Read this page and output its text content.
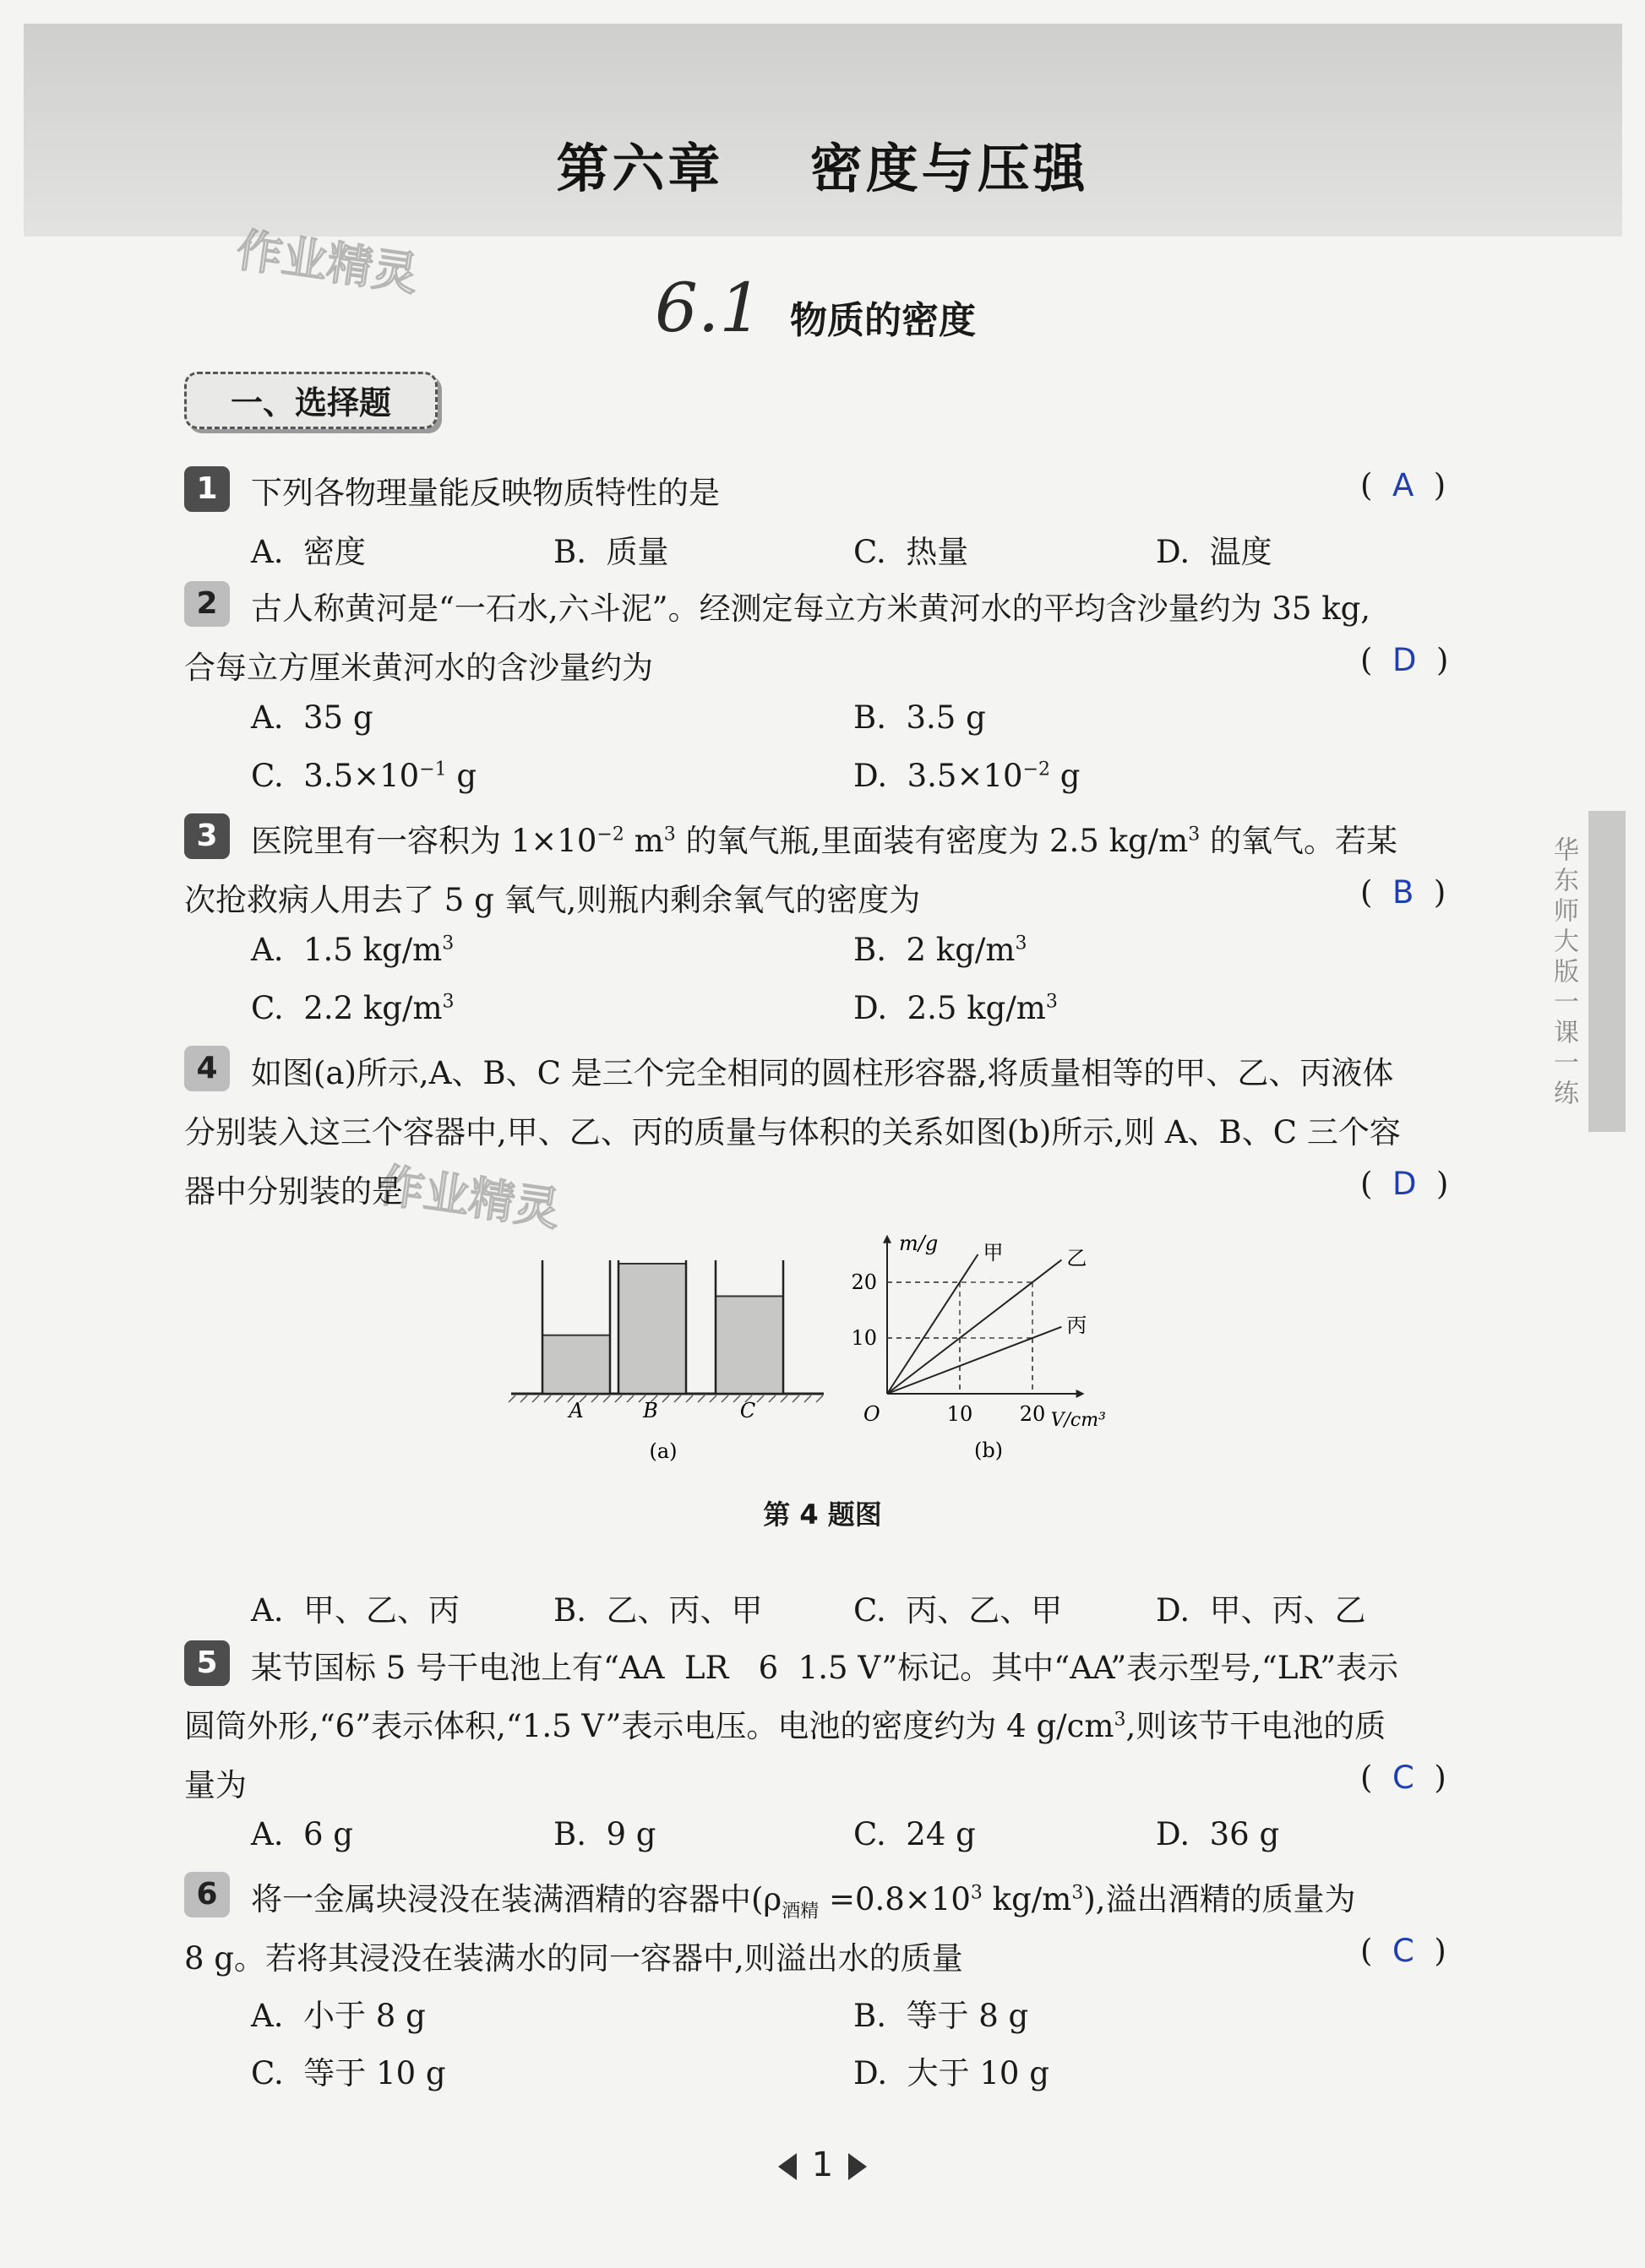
第六章    密度与压强
作业精灵
作业精灵
6.1 物质的密度
一、选择题
华东师大版一课一练
1	下列各物理量能反映物质特性的是	(  A  )
A.  密度	B.  质量	C.  热量	D.  温度
2	古人称黄河是“一石水,六斗泥”。经测定每立方米黄河水的平均含沙量约为 35 kg,
合每立方厘米黄河水的含沙量约为	(  D  )
A.  35 g	B.  3.5 g
C.  $3.5\times 10^{-1}$ g	D.  $3.5\times 10^{-2}$ g
3	医院里有一容积为 $1\times 10^{-2}$ $m^3$ 的氧气瓶,里面装有密度为 2.5 $kg/m^3$ 的氧气。若某
次抢救病人用去了 5 g 氧气,则瓶内剩余氧气的密度为	(  B  )
A.  1.5 $kg/m^3$	B.  2 $kg/m^3$
C.  2.2 $kg/m^3$	D.  2.5 $kg/m^3$
4	如图(a)所示,A、B、C 是三个完全相同的圆柱形容器,将质量相等的甲、乙、丙液体
分别装入这三个容器中,甲、乙、丙的质量与体积的关系如图(b)所示,则 A、B、C 三个容
器中分别装的是	(  D  )
A	B	C
(a)
m/g
V/cm³
O	10 20
10
20
甲	乙
丙
(b)
第 4 题图
A.  甲、乙、丙	B.  乙、丙、甲	C.  丙、乙、甲	D.  甲、丙、乙
5	某节国标 5 号干电池上有“AA  LR   6  1.5 V”标记。其中“AA”表示型号,“LR”表示
圆筒外形,“6”表示体积,“1.5 V”表示电压。电池的密度约为 4 $g/cm^3$,则该节干电池的质
量为	(  C  )
A.  6 g	B.  9 g	C.  24 g	D.  36 g
6	将一金属块浸没在装满酒精的容器中($\rho_{酒精} =0.8\times 10^3$ $kg/m^3$),溢出酒精的质量为
8 g。若将其浸没在装满水的同一容器中,则溢出水的质量	(  C  )
A.  小于 8 g	B.  等于 8 g
C.  等于 10 g	D.  大于 10 g
1
